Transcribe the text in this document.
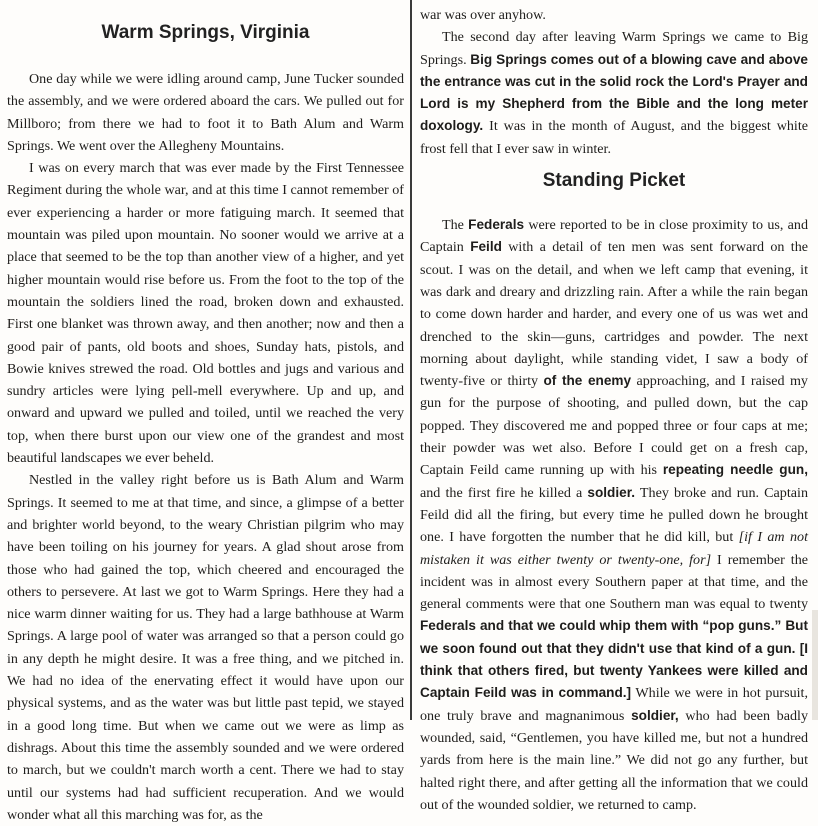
Warm Springs, Virginia

One day while we were idling around camp, June Tucker sounded the assembly, and we were ordered aboard the cars. We pulled out for Millboro; from there we had to foot it to Bath Alum and Warm Springs. We went over the Allegheny Mountains.

I was on every march that was ever made by the First Tennessee Regiment during the whole war, and at this time I cannot remember of ever experiencing a harder or more fatiguing march. It seemed that mountain was piled upon mountain. No sooner would we arrive at a place that seemed to be the top than another view of a higher, and yet higher mountain would rise before us. From the foot to the top of the mountain the soldiers lined the road, broken down and exhausted. First one blanket was thrown away, and then another; now and then a good pair of pants, old boots and shoes, Sunday hats, pistols, and Bowie knives strewed the road. Old bottles and jugs and various and sundry articles were lying pell-mell everywhere. Up and up, and onward and upward we pulled and toiled, until we reached the very top, when there burst upon our view one of the grandest and most beautiful landscapes we ever beheld.

Nestled in the valley right before us is Bath Alum and Warm Springs. It seemed to me at that time, and since, a glimpse of a better and brighter world beyond, to the weary Christian pilgrim who may have been toiling on his journey for years. A glad shout arose from those who had gained the top, which cheered and encouraged the others to persevere. At last we got to Warm Springs. Here they had a nice warm dinner waiting for us. They had a large bathhouse at Warm Springs. A large pool of water was arranged so that a person could go in any depth he might desire. It was a free thing, and we pitched in. We had no idea of the enervating effect it would have upon our physical systems, and as the water was but little past tepid, we stayed in a good long time. But when we came out we were as limp as dishrags. About this time the assembly sounded and we were ordered to march, but we couldn't march worth a cent. There we had to stay until our systems had had sufficient recuperation. And we would wonder what all this marching was for, as the

war was over anyhow.

The second day after leaving Warm Springs we came to Big Springs. Big Springs comes out of a blowing cave and above the entrance was cut in the solid rock the Lord's Prayer and Lord is my Shepherd from the Bible and the long meter doxology. It was in the month of August, and the biggest white frost fell that I ever saw in winter.

Standing Picket

The Federals were reported to be in close proximity to us, and Captain Feild with a detail of ten men was sent forward on the scout. I was on the detail, and when we left camp that evening, it was dark and dreary and drizzling rain. After a while the rain began to come down harder and harder, and every one of us was wet and drenched to the skin—guns, cartridges and powder. The next morning about daylight, while standing videt, I saw a body of twenty-five or thirty of the enemy approaching, and I raised my gun for the purpose of shooting, and pulled down, but the cap popped. They discovered me and popped three or four caps at me; their powder was wet also. Before I could get on a fresh cap, Captain Feild came running up with his repeating needle gun, and the first fire he killed a soldier. They broke and run. Captain Feild did all the firing, but every time he pulled down he brought one. I have forgotten the number that he did kill, but [if I am not mistaken it was either twenty or twenty-one, for] I remember the incident was in almost every Southern paper at that time, and the general comments were that one Southern man was equal to twenty Federals and that we could whip them with “pop guns.” But we soon found out that they didn't use that kind of a gun. [I think that others fired, but twenty Yankees were killed and Captain Feild was in command.] While we were in hot pursuit, one truly brave and magnanimous soldier, who had been badly wounded, said, “Gentlemen, you have killed me, but not a hundred yards from here is the main line.” We did not go any further, but halted right there, and after getting all the information that we could out of the wounded soldier, we returned to camp.
